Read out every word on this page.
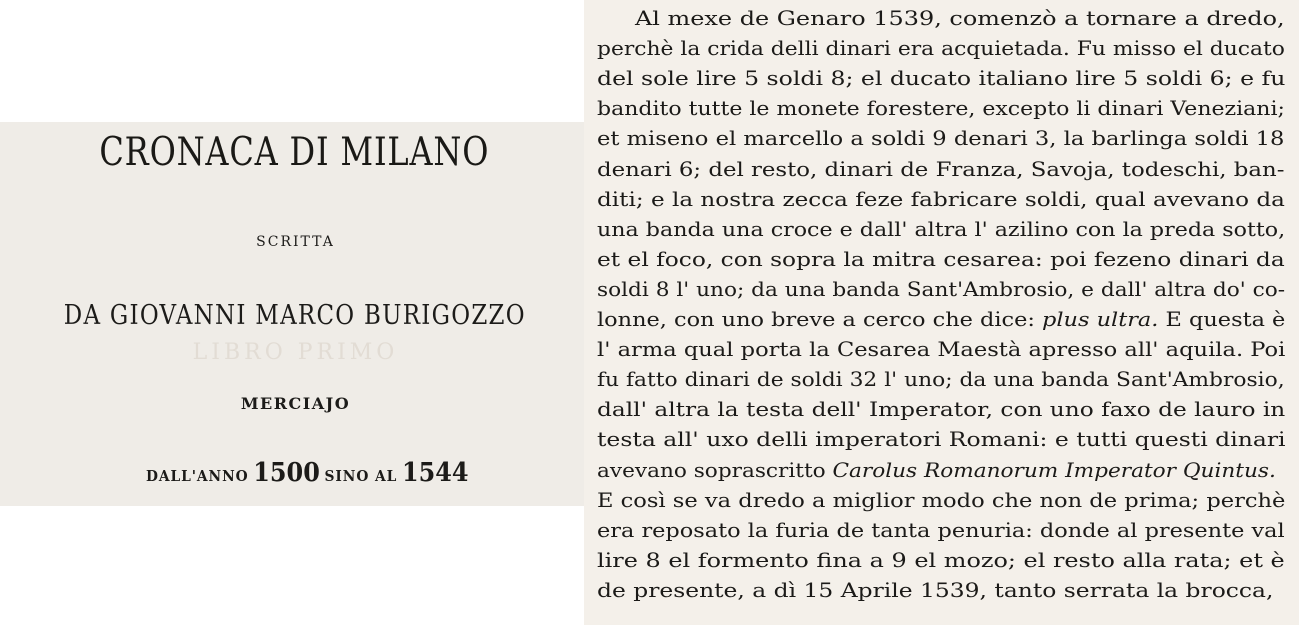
CRONACA DI MILANO
SCRITTA
DA GIOVANNI MARCO BURIGOZZO
LIBRO PRIMO
MERCIAJO
DALL'ANNO 1500 SINO AL 1544
Al mexe de Genaro 1539, comenzò a tornare a dredo,
perchè la crida delli dinari era acquietada. Fu misso el ducato
del sole lire 5 soldi 8; el ducato italiano lire 5 soldi 6; e fu
bandito tutte le monete forestere, excepto li dinari Veneziani;
et miseno el marcello a soldi 9 denari 3, la barlinga soldi 18
denari 6; del resto, dinari de Franza, Savoja, todeschi, ban-
diti; e la nostra zecca feze fabricare soldi, qual avevano da
una banda una croce e dall' altra l' azilino con la preda sotto,
et el foco, con sopra la mitra cesarea: poi fezeno dinari da
soldi 8 l' uno; da una banda Sant'Ambrosio, e dall' altra do' co-
lonne, con uno breve a cerco che dice: plus ultra. E questa è
l' arma qual porta la Cesarea Maestà apresso all' aquila. Poi
fu fatto dinari de soldi 32 l' uno; da una banda Sant'Ambrosio,
dall' altra la testa dell' Imperator, con uno faxo de lauro in
testa all' uxo delli imperatori Romani: e tutti questi dinari
avevano soprascritto Carolus Romanorum Imperator Quintus.
E così se va dredo a miglior modo che non de prima; perchè
era reposato la furia de tanta penuria: donde al presente val
lire 8 el formento fina a 9 el mozo; el resto alla rata; et è
de presente, a dì 15 Aprile 1539, tanto serrata la brocca,
